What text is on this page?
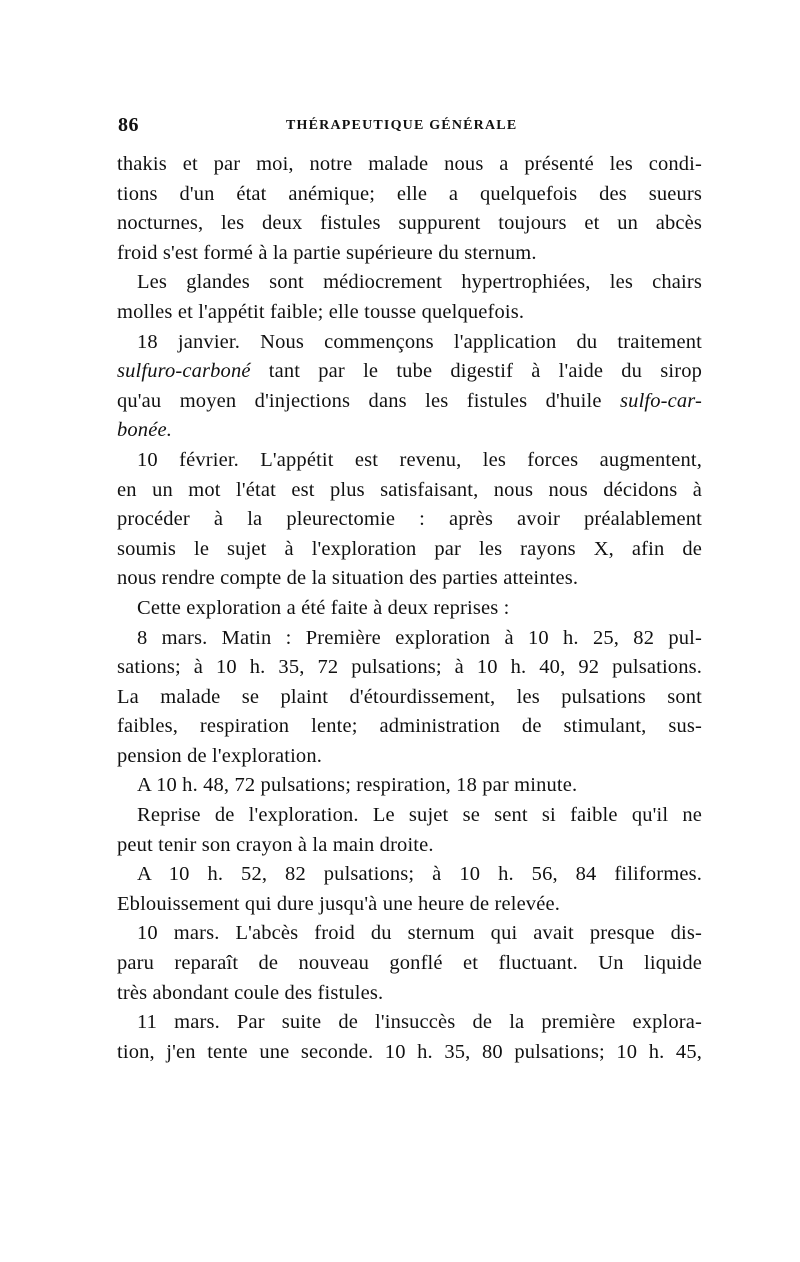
86	THÉRAPEUTIQUE GÉNÉRALE
thakis et par moi, notre malade nous a présenté les condi-
tions d'un état anémique; elle a quelquefois des sueurs
nocturnes, les deux fistules suppurent toujours et un abcès
froid s'est formé à la partie supérieure du sternum.
Les glandes sont médiocrement hypertrophiées, les chairs
molles et l'appétit faible; elle tousse quelquefois.
18 janvier. Nous commençons l'application du traitement
sulfuro-carboné tant par le tube digestif à l'aide du sirop
qu'au moyen d'injections dans les fistules d'huile sulfo-car-
bonée.
10 février. L'appétit est revenu, les forces augmentent,
en un mot l'état est plus satisfaisant, nous nous décidons à
procéder à la pleurectomie : après avoir préalablement
soumis le sujet à l'exploration par les rayons X, afin de
nous rendre compte de la situation des parties atteintes.
Cette exploration a été faite à deux reprises :
8 mars. Matin : Première exploration à 10 h. 25, 82 pul-
sations; à 10 h. 35, 72 pulsations; à 10 h. 40, 92 pulsations.
La malade se plaint d'étourdissement, les pulsations sont
faibles, respiration lente; administration de stimulant, sus-
pension de l'exploration.
A 10 h. 48, 72 pulsations; respiration, 18 par minute.
Reprise de l'exploration. Le sujet se sent si faible qu'il ne
peut tenir son crayon à la main droite.
A 10 h. 52, 82 pulsations; à 10 h. 56, 84 filiformes.
Eblouissement qui dure jusqu'à une heure de relevée.
10 mars. L'abcès froid du sternum qui avait presque dis-
paru reparaît de nouveau gonflé et fluctuant. Un liquide
très abondant coule des fistules.
11 mars. Par suite de l'insuccès de la première explora-
tion, j'en tente une seconde. 10 h. 35, 80 pulsations; 10 h. 45,
